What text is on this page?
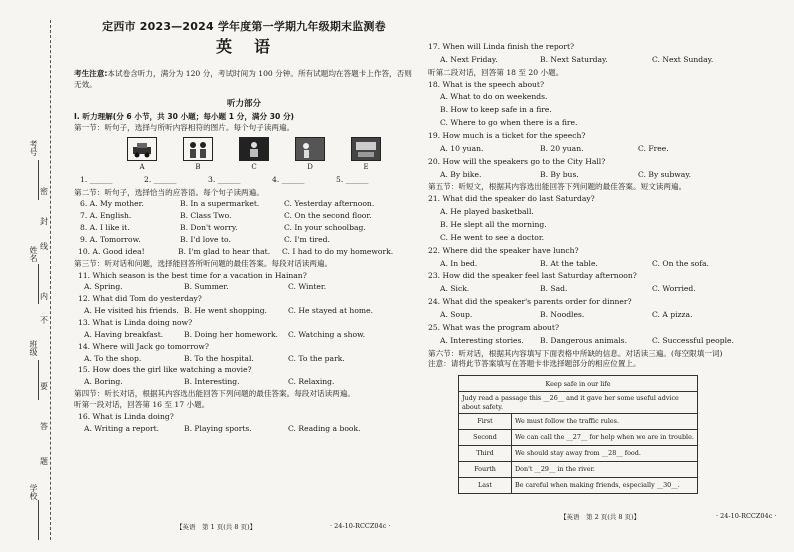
考号
班级
姓名
学校
密
封
线
内
不
要
答
题
定西市 2023—2024 学年度第一学期九年级期末监测卷
英语
考生注意:本试卷含听力，满分为 120 分，考试时间为 100 分钟。所有试题均在答题卡上作答，否则无效。
听力部分
I. 听力理解(分 6 小节，共 30 小题；每小题 1 分，满分 30 分)
第一节：听句子，选择与所听内容相符的图片。每个句子读两遍。
A	B	C	D	E
1. ______	2. ______	3. ______	4. ______	5. ______
第二节：听句子，选择恰当的应答语。每个句子读两遍。
6. A. My mother.	B. In a supermarket.	C. Yesterday afternoon.
7. A. English.	B. Class Two.	C. On the second floor.
8. A. I like it.	B. Don't worry.	C. In your schoolbag.
9. A. Tomorrow.	B. I'd love to.	C. I'm tired.
10. A. Good idea!	B. I'm glad to hear that.	C. I had to do my homework.
第三节：听对话和问题，选择能回答所听问题的最佳答案。每段对话读两遍。
11. Which season is the best time for a vacation in Hainan?
A. Spring.	B. Summer.	C. Winter.
12. What did Tom do yesterday?
A. He visited his friends. B. He went shopping.	C. He stayed at home.
13. What is Linda doing now?
A. Having breakfast.	B. Doing her homework.	C. Watching a show.
14. Where will Jack go tomorrow?
A. To the shop.	B. To the hospital.	C. To the park.
15. How does the girl like watching a movie?
A. Boring.	B. Interesting.	C. Relaxing.
第四节：听长对话，根据其内容选出能回答下列问题的最佳答案。每段对话读两遍。
听第一段对话，回答第 16 至 17 小题。
16. What is Linda doing?
A. Writing a report.	B. Playing sports.	C. Reading a book.
【英语　第 1 页(共 8 页)】	· 24-10-RCCZ04c ·
17. When will Linda finish the report?
A. Next Friday.	B. Next Saturday.	C. Next Sunday.
听第二段对话，回答第 18 至 20 小题。
18. What is the speech about?
A. What to do on weekends.
B. How to keep safe in a fire.
C. Where to go when there is a fire.
19. How much is a ticket for the speech?
A. 10 yuan.	B. 20 yuan.	C. Free.
20. How will the speakers go to the City Hall?
A. By bike.	B. By bus.	C. By subway.
第五节：听短文，根据其内容选出能回答下列问题的最佳答案。短文读两遍。
21. What did the speaker do last Saturday?
A. He played basketball.
B. He slept all the morning.
C. He went to see a doctor.
22. Where did the speaker have lunch?
A. In bed.	B. At the table.	C. On the sofa.
23. How did the speaker feel last Saturday afternoon?
A. Sick.	B. Sad.	C. Worried.
24. What did the speaker's parents order for dinner?
A. Soup.	B. Noodles.	C. A pizza.
25. What was the program about?
A. Interesting stories.	B. Dangerous animals.	C. Successful people.
第六节：听对话，根据其内容填写下面表格中所缺的信息。对话读三遍。(每空限填一词)
注意：请将此节答案填写在答题卡非选择题部分的相应位置上。
Keep safe in our life	
Judy read a passage this __26__ and it gave her some useful advice about safety.	
First	We must follow the traffic rules.
Second	We can call the __27__ for help when we are in trouble.
Third	We should stay away from __28__ food.
Fourth	Don't __29__ in the river.
Last	Be careful when making friends, especially __30__.
【英语　第 2 页(共 8 页)】	· 24-10-RCCZ04c ·
